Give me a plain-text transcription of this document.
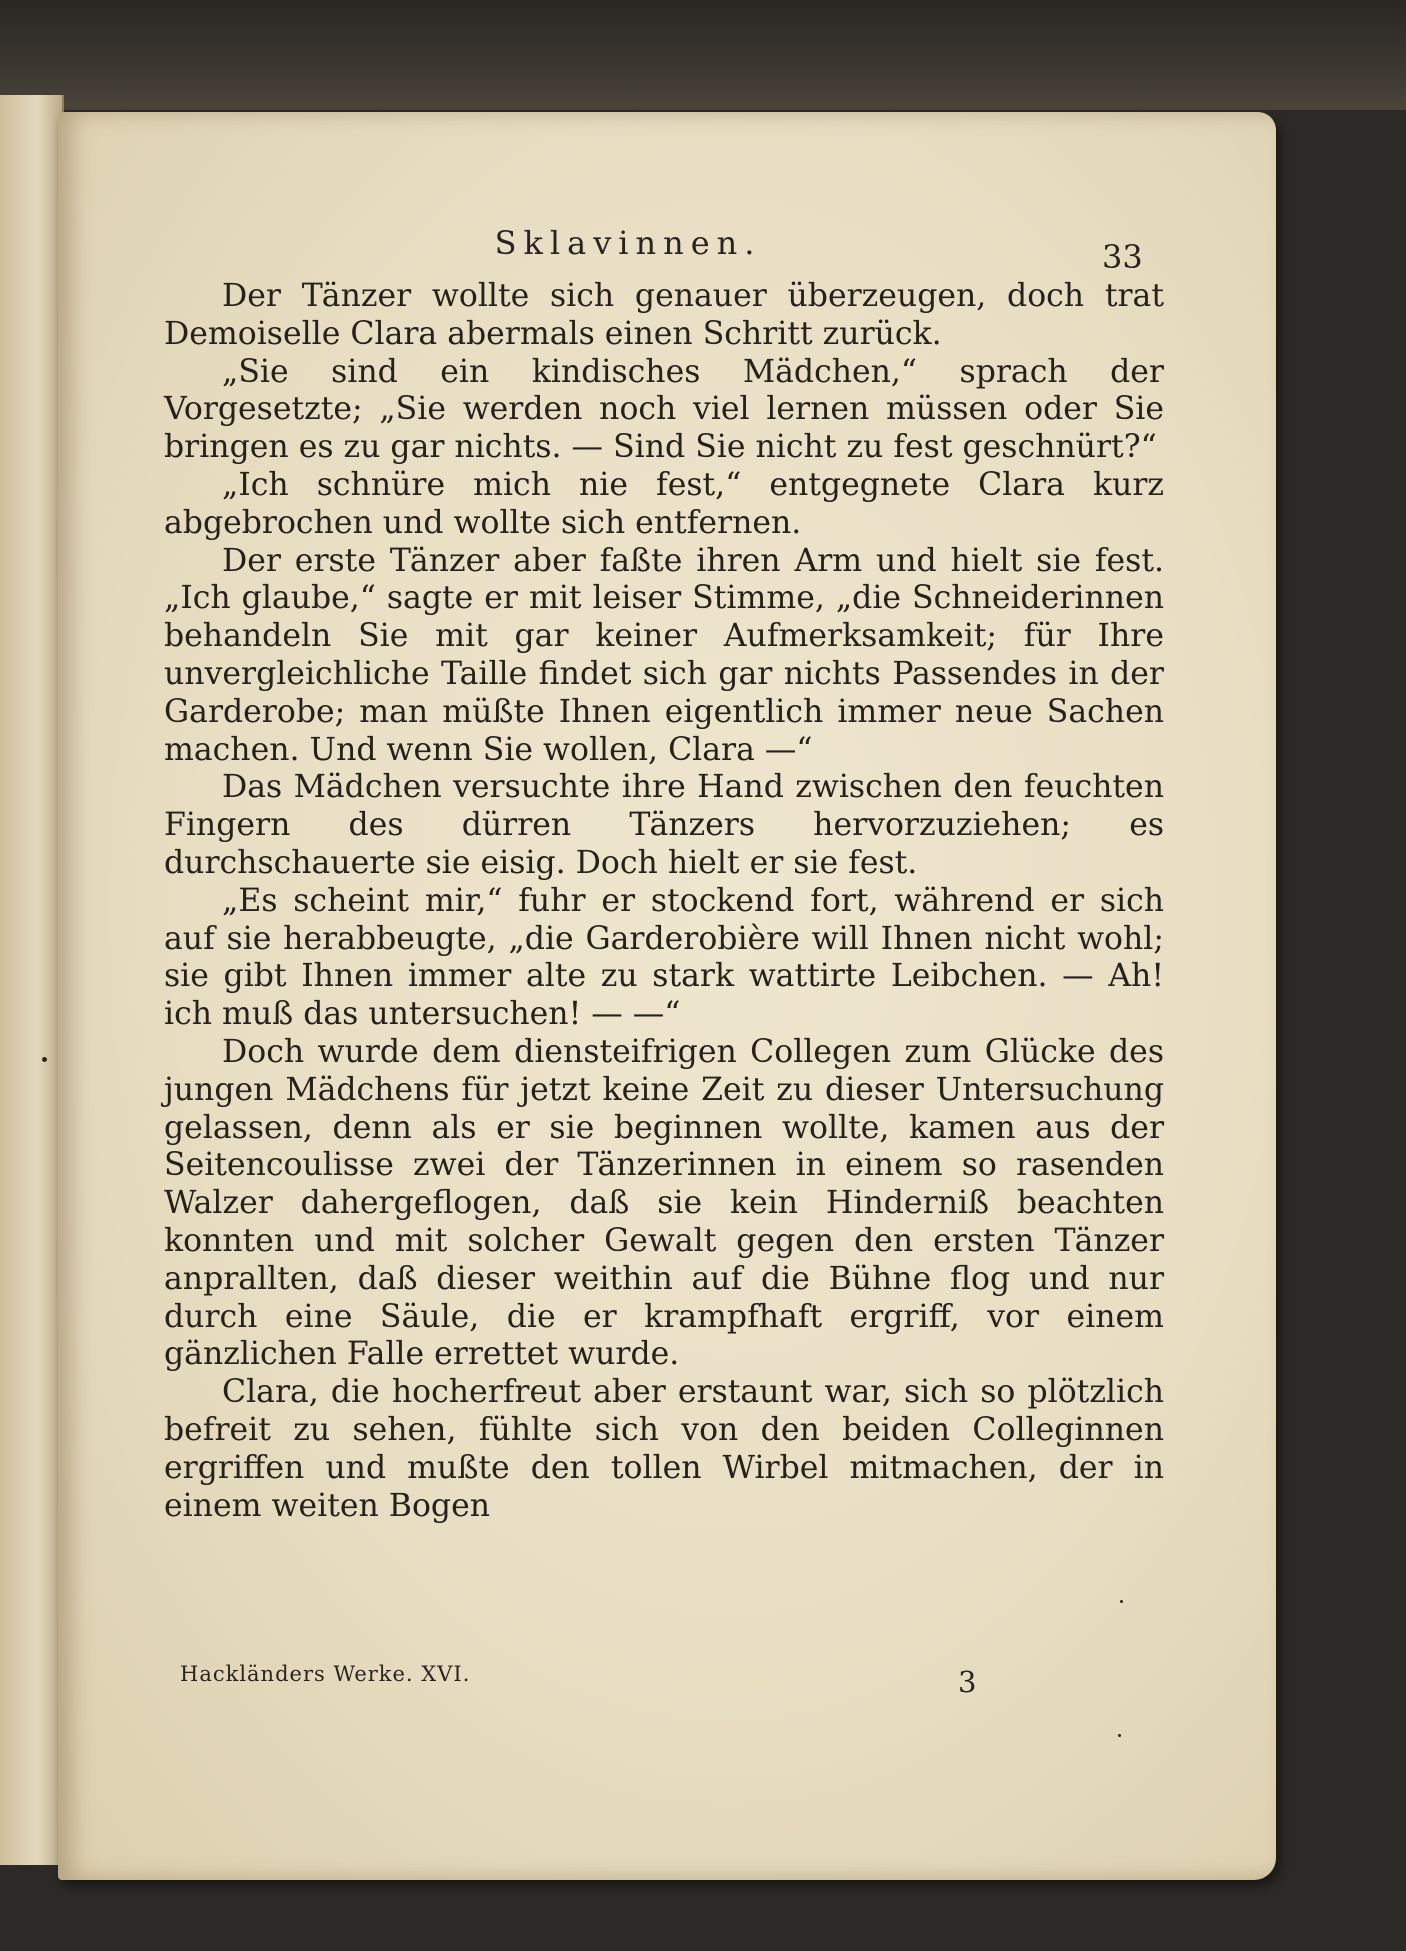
Sklavinnen.	33

Der Tänzer wollte sich genauer überzeugen, doch trat Demoiselle Clara abermals einen Schritt zurück.

„Sie sind ein kindisches Mädchen,“ sprach der Vorgesetzte; „Sie werden noch viel lernen müssen oder Sie bringen es zu gar nichts. — Sind Sie nicht zu fest geschnürt?“

„Ich schnüre mich nie fest,“ entgegnete Clara kurz abgebrochen und wollte sich entfernen.

Der erste Tänzer aber faßte ihren Arm und hielt sie fest. „Ich glaube,“ sagte er mit leiser Stimme, „die Schneiderinnen behandeln Sie mit gar keiner Aufmerksamkeit; für Ihre unvergleichliche Taille findet sich gar nichts Passendes in der Garderobe; man müßte Ihnen eigentlich immer neue Sachen machen. Und wenn Sie wollen, Clara —“

Das Mädchen versuchte ihre Hand zwischen den feuchten Fingern des dürren Tänzers hervorzuziehen; es durchschauerte sie eisig. Doch hielt er sie fest.

„Es scheint mir,“ fuhr er stockend fort, während er sich auf sie herabbeugte, „die Garderobière will Ihnen nicht wohl; sie gibt Ihnen immer alte zu stark wattirte Leibchen. — Ah! ich muß das untersuchen! — —“

Doch wurde dem diensteifrigen Collegen zum Glücke des jungen Mädchens für jetzt keine Zeit zu dieser Untersuchung gelassen, denn als er sie beginnen wollte, kamen aus der Seitencoulisse zwei der Tänzerinnen in einem so rasenden Walzer dahergeflogen, daß sie kein Hinderniß beachten konnten und mit solcher Gewalt gegen den ersten Tänzer anprallten, daß dieser weithin auf die Bühne flog und nur durch eine Säule, die er krampfhaft ergriff, vor einem gänzlichen Falle errettet wurde.

Clara, die hocherfreut aber erstaunt war, sich so plötzlich befreit zu sehen, fühlte sich von den beiden Colleginnen ergriffen und mußte den tollen Wirbel mitmachen, der in einem weiten Bogen

Hackländers Werke. XVI.	3
